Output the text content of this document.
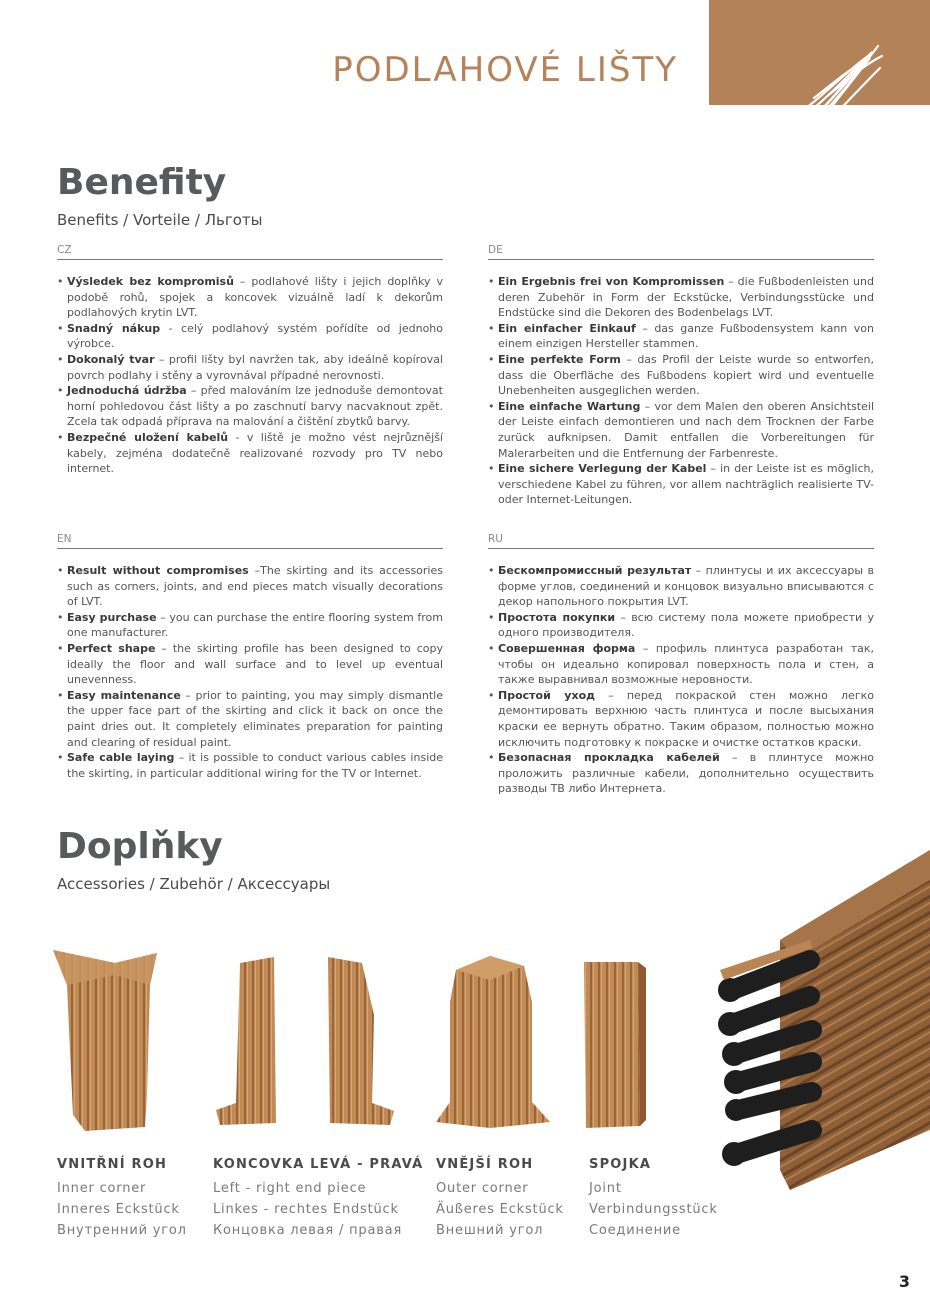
PODLAHOVÉ LIŠTY
Benefity
Benefits / Vorteile / Льготы
CZ
• Výsledek bez kompromisů – podlahové lišty i jejich doplňky v podobě rohů, spojek a koncovek vizuálně ladí k dekorům podlahových krytin LVT.
• Snadný nákup - celý podlahový systém pořídíte od jednoho výrobce.
• Dokonalý tvar – profil lišty byl navržen tak, aby ideálně kopíroval povrch podlahy i stěny a vyrovnával případné nerovnosti.
• Jednoduchá údržba – před malováním lze jednoduše demontovat horní pohledovou část lišty a po zaschnutí barvy nacvaknout zpět. Zcela tak odpadá příprava na malování a čištění zbytků barvy.
• Bezpečné uložení kabelů - v liště je možno vést nejrůznější kabely, zejména dodatečně realizované rozvody pro TV nebo internet.
DE
• Ein Ergebnis frei von Kompromissen – die Fußbodenleisten und deren Zubehör in Form der Eckstücke, Verbindungsstücke und Endstücke sind die Dekoren des Bodenbelags LVT.
• Ein einfacher Einkauf – das ganze Fußbodensystem kann von einem einzigen Hersteller stammen.
• Eine perfekte Form – das Profil der Leiste wurde so entworfen, dass die Oberfläche des Fußbodens kopiert wird und eventuelle Unebenheiten ausgeglichen werden.
• Eine einfache Wartung – vor dem Malen den oberen Ansichtsteil der Leiste einfach demontieren und nach dem Trocknen der Farbe zurück aufknipsen. Damit entfallen die Vorbereitungen für Malerarbeiten und die Entfernung der Farbenreste.
• Eine sichere Verlegung der Kabel – in der Leiste ist es möglich, verschiedene Kabel zu führen, vor allem nachträglich realisierte TV- oder Internet-Leitungen.
EN
• Result without compromises –The skirting and its accessories such as corners, joints, and end pieces match visually decorations of LVT.
• Easy purchase – you can purchase the entire flooring system from one manufacturer.
• Perfect shape – the skirting profile has been designed to copy ideally the floor and wall surface and to level up eventual unevenness.
• Easy maintenance – prior to painting, you may simply dismantle the upper face part of the skirting and click it back on once the paint dries out. It completely eliminates preparation for painting and clearing of residual paint.
• Safe cable laying – it is possible to conduct various cables inside the skirting, in particular additional wiring for the TV or Internet.
RU
• Бескомпромиссный результат – плинтусы и их аксессуары в форме углов, соединений и концовок визуально вписываются с декор напольного покрытия LVT.
• Простота покупки – всю систему пола можете приобрести у одного производителя.
• Совершенная форма – профиль плинтуса разработан так, чтобы он идеально копировал поверхность пола и стен, а также выравнивал возможные неровности.
• Простой уход – перед покраской стен можно легко демонтировать верхнюю часть плинтуса и после высыхания краски ее вернуть обратно. Таким образом, полностью можно исключить подготовку к покраске и очистке остатков краски.
• Безопасная прокладка кабелей – в плинтусе можно проложить различные кабели, дополнительно осуществить разводы ТВ либо Интернета.
Doplňky
Accessories / Zubehör / Аксессуары
VNITŘNÍ ROH
Inner corner
Inneres Eckstück
Внутренний угол
KONCOVKA LEVÁ - PRAVÁ
Left - right end piece
Linkes - rechtes Endstück
Концовка левая / правая
VNĚJŠÍ ROH
Outer corner
Äußeres Eckstück
Внешний угол
SPOJKA
Joint
Verbindungsstück
Соединение
3
